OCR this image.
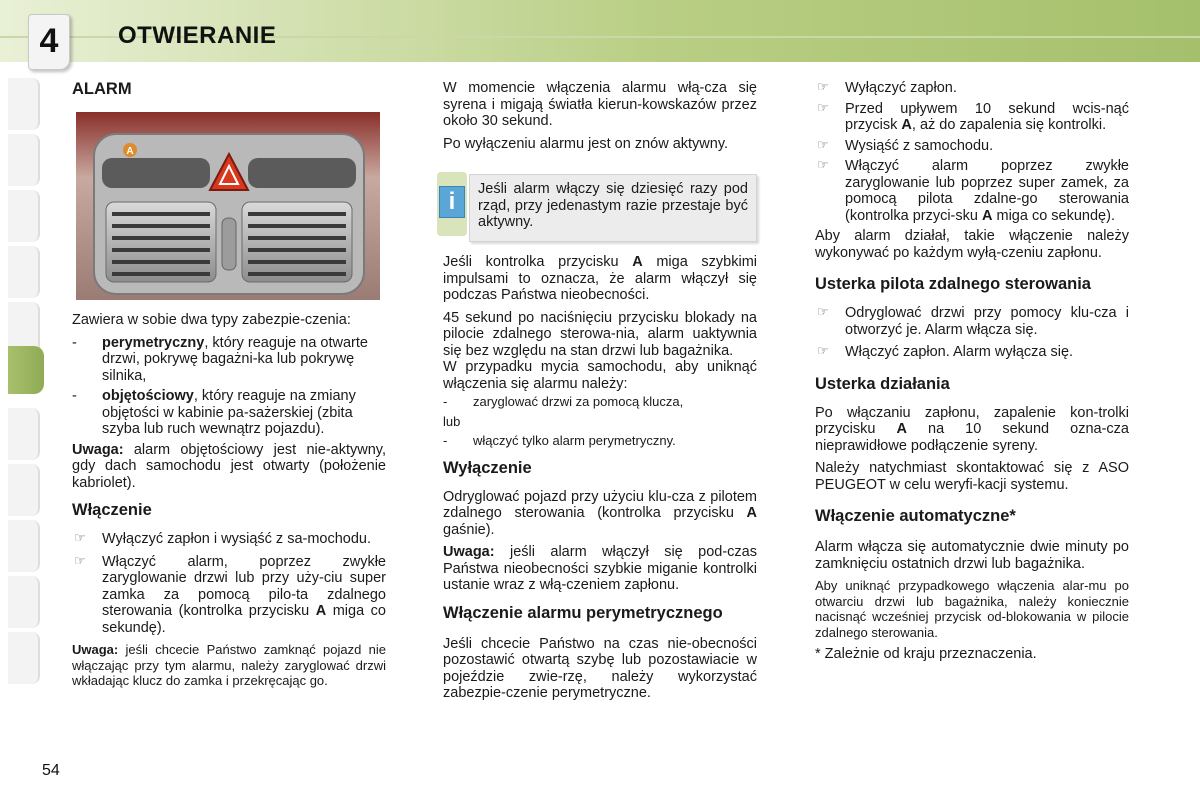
4	OTWIERANIE
54
ALARM
A

Zawiera w sobie dwa typy zabezpie-czenia:

- perymetryczny, który reaguje na otwarte drzwi, pokrywę bagażni-ka lub pokrywę silnika,
- objętościowy, który reaguje na zmiany objętości w kabinie pa-sażerskiej (zbita szyba lub ruch wewnątrz pojazdu).

Uwaga: alarm objętościowy jest nie-aktywny, gdy dach samochodu jest otwarty (położenie kabriolet).

Włączenie
☞ Wyłączyć zapłon i wysiąść z sa-mochodu.
☞ Włączyć alarm, poprzez zwykłe zaryglowanie drzwi lub przy uży-ciu super zamka za pomocą pilo-ta zdalnego sterowania (kontrolka przycisku A miga co sekundę).

Uwaga: jeśli chcecie Państwo zamknąć pojazd nie włączając przy tym alarmu, należy zaryglować drzwi wkładając klucz do zamka i przekręcając go.

W momencie włączenia alarmu włą-cza się syrena i migają światła kierun-kowskazów przez około 30 sekund.

Po wyłączeniu alarmu jest on znów aktywny.

i	Jeśli alarm włączy się dziesięć razy pod rząd, przy jedenastym razie przestaje być aktywny.

Jeśli kontrolka przycisku A miga szybkimi impulsami to oznacza, że alarm włączył się podczas Państwa nieobecności.

45 sekund po naciśnięciu przycisku blokady na pilocie zdalnego sterowa-nia, alarm uaktywnia się bez względu na stan drzwi lub bagażnika.

W przypadku mycia samochodu, aby uniknąć włączenia się alarmu należy:

- zaryglować drzwi za pomocą klucza,
lub
- włączyć tylko alarm perymetryczny.
Wyłączenie

Odryglować pojazd przy użyciu klu-cza z pilotem zdalnego sterowania (kontrolka przycisku A gaśnie).

Uwaga: jeśli alarm włączył się pod-czas Państwa nieobecności szybkie miganie kontrolki ustanie wraz z włą-czeniem zapłonu.

Włączenie alarmu perymetrycznego

Jeśli chcecie Państwo na czas nie-obecności pozostawić otwartą szybę lub pozostawiacie w pojeździe zwie-rzę, należy wykorzystać zabezpie-czenie perymetryczne.

☞ Wyłączyć zapłon.
☞ Przed upływem 10 sekund wcis-nąć przycisk A, aż do zapalenia się kontrolki.
☞ Wysiąść z samochodu.
☞ Włączyć alarm poprzez zwykłe zaryglowanie lub poprzez super zamek, za pomocą pilota zdalne-go sterowania (kontrolka przyci-sku A miga co sekundę).

Aby alarm działał, takie włączenie należy wykonywać po każdym wyłą-czeniu zapłonu.

Usterka pilota zdalnego sterowania
☞ Odryglować drzwi przy pomocy klu-cza i otworzyć je. Alarm włącza się.
☞ Włączyć zapłon. Alarm wyłącza się.
Usterka działania

Po włączaniu zapłonu, zapalenie kon-trolki przycisku A na 10 sekund ozna-cza nieprawidłowe podłączenie syreny.

Należy natychmiast skontaktować się z ASO PEUGEOT w celu weryfi-kacji systemu.

Włączenie automatyczne*

Alarm włącza się automatycznie dwie minuty po zamknięciu ostatnich drzwi lub bagażnika.

Aby uniknąć przypadkowego włączenia alar-mu po otwarciu drzwi lub bagażnika, należy koniecznie nacisnąć wcześniej przycisk od-blokowania w pilocie zdalnego sterowania.

* Zależnie od kraju przeznaczenia.
